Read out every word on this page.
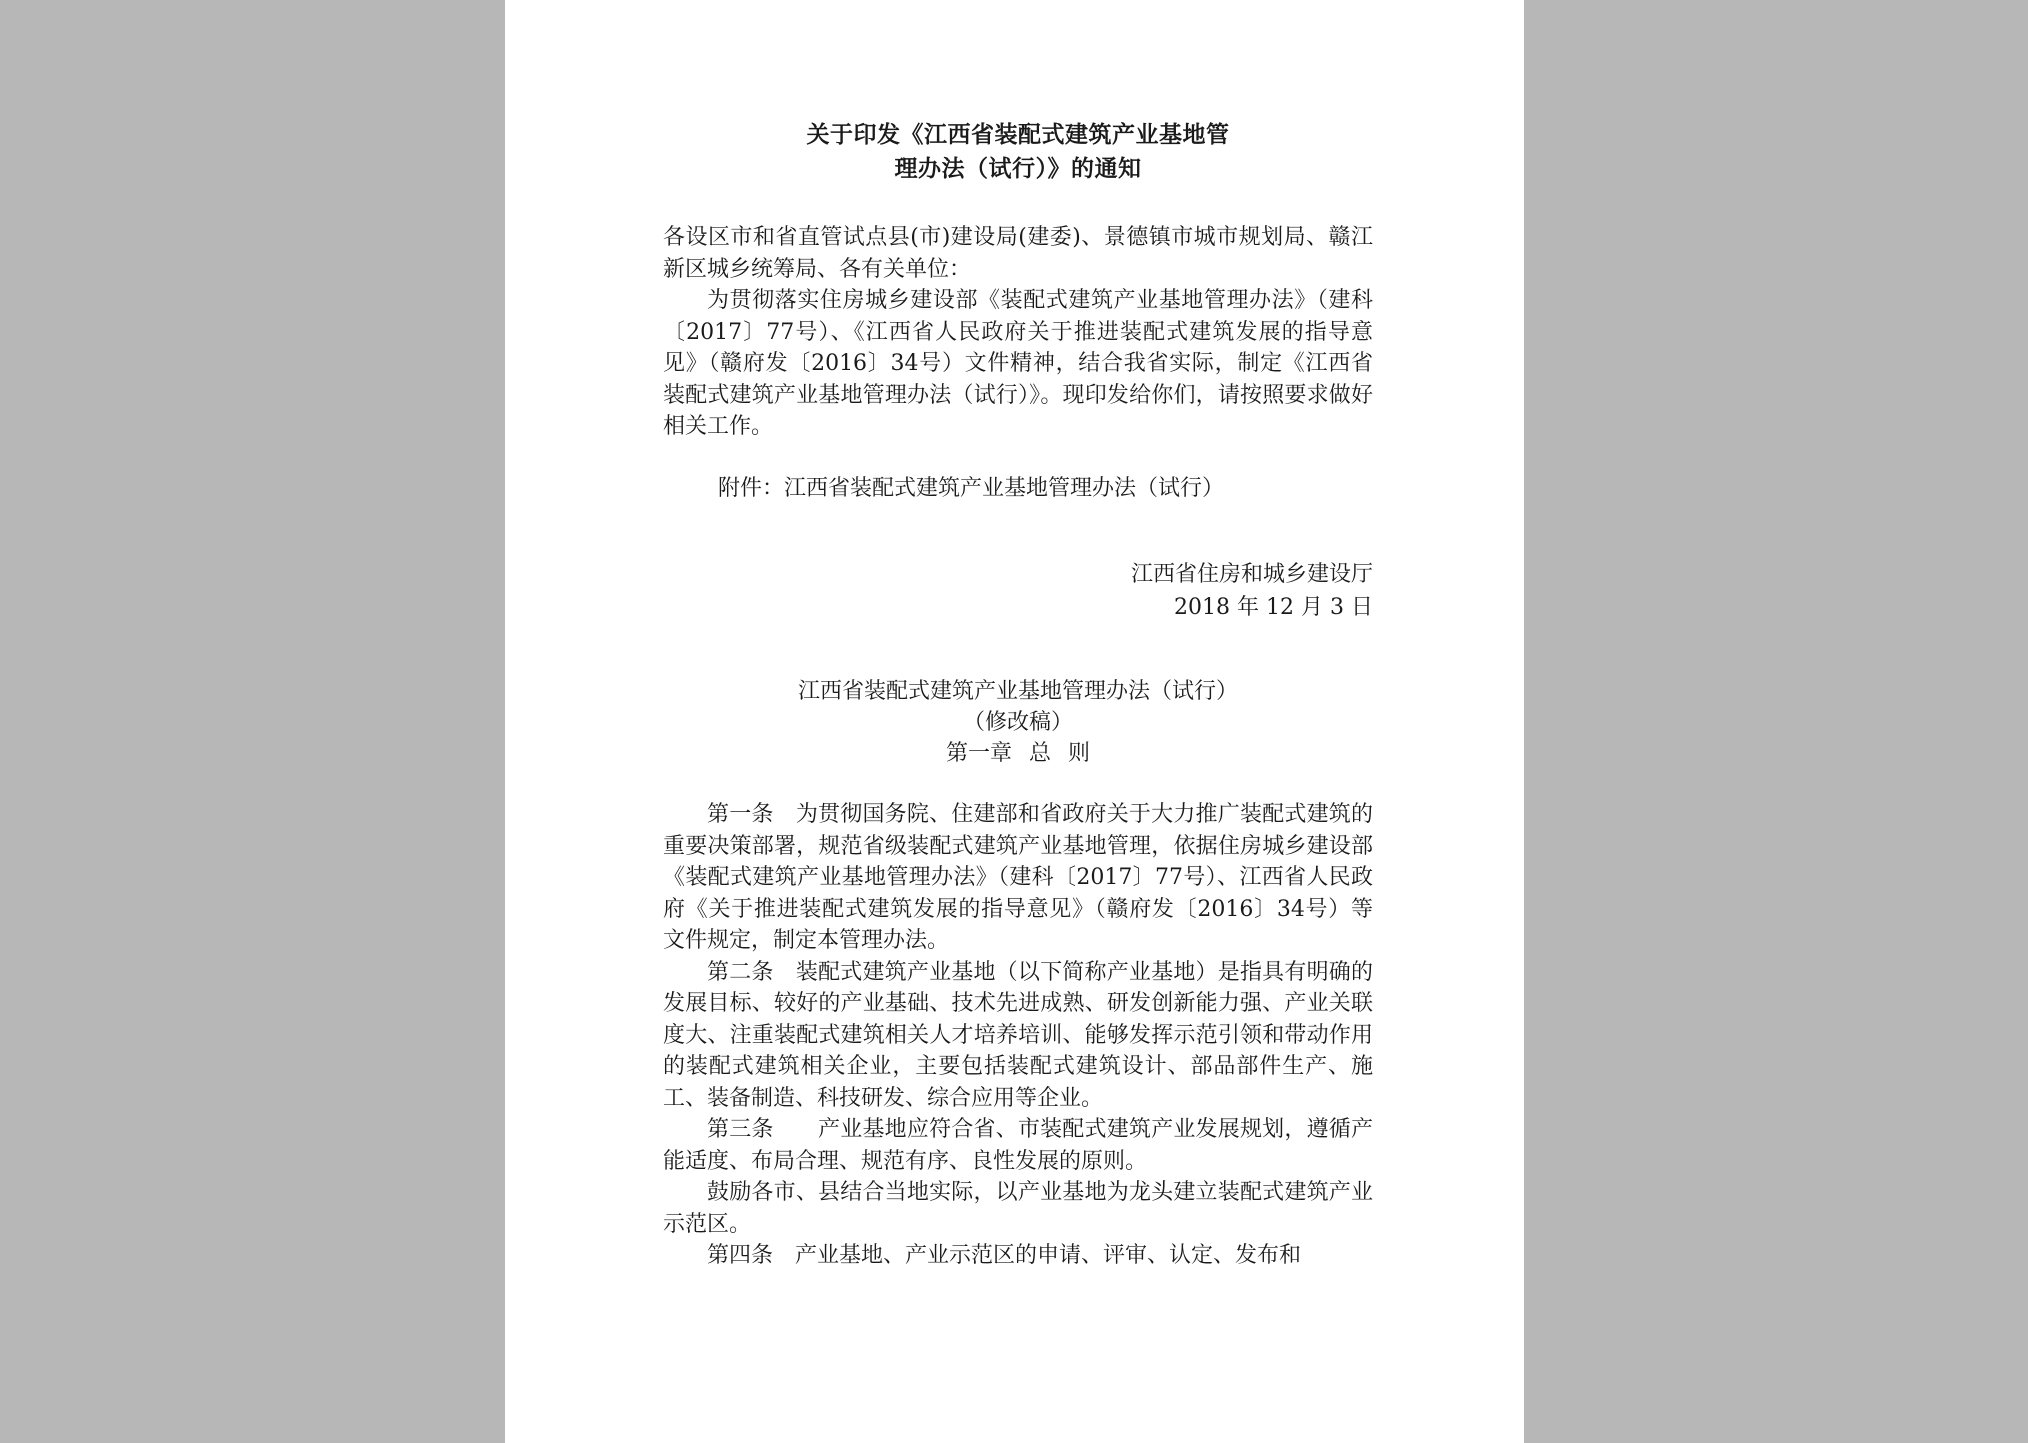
关于印发《江西省装配式建筑产业基地管
理办法（试行）》的通知

各设区市和省直管试点县(市)建设局(建委)、景德镇市城市规划局、赣江新区城乡统筹局、各有关单位：

为贯彻落实住房城乡建设部《装配式建筑产业基地管理办法》（建科〔2017〕77号）、《江西省人民政府关于推进装配式建筑发展的指导意见》（赣府发〔2016〕34号）文件精神，结合我省实际，制定《江西省装配式建筑产业基地管理办法（试行）》。现印发给你们，请按照要求做好相关工作。

附件：江西省装配式建筑产业基地管理办法（试行）
江西省住房和城乡建设厅
2018 年 12 月 3 日
江西省装配式建筑产业基地管理办法（试行）
（修改稿）
第一章 总 则

第一条　为贯彻国务院、住建部和省政府关于大力推广装配式建筑的重要决策部署，规范省级装配式建筑产业基地管理，依据住房城乡建设部《装配式建筑产业基地管理办法》（建科〔2017〕77号）、江西省人民政府《关于推进装配式建筑发展的指导意见》（赣府发〔2016〕34号）等文件规定，制定本管理办法。

第二条　装配式建筑产业基地（以下简称产业基地）是指具有明确的发展目标、较好的产业基础、技术先进成熟、研发创新能力强、产业关联度大、注重装配式建筑相关人才培养培训、能够发挥示范引领和带动作用的装配式建筑相关企业，主要包括装配式建筑设计、部品部件生产、施工、装备制造、科技研发、综合应用等企业。

第三条　　产业基地应符合省、市装配式建筑产业发展规划，遵循产能适度、布局合理、规范有序、良性发展的原则。

鼓励各市、县结合当地实际，以产业基地为龙头建立装配式建筑产业示范区。

第四条　产业基地、产业示范区的申请、评审、认定、发布和
